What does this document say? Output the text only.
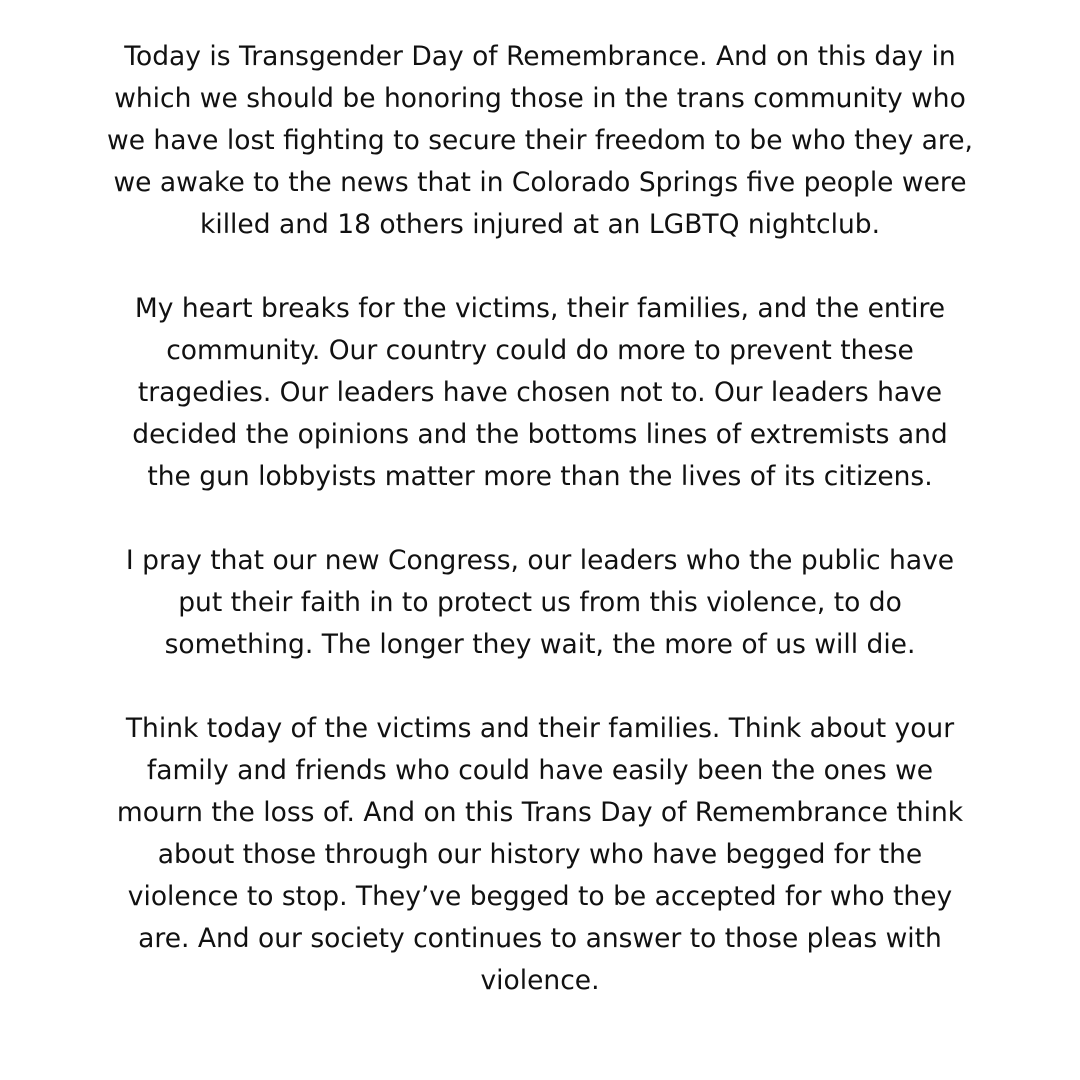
Today is Transgender Day of Remembrance. And on this day in
which we should be honoring those in the trans community who
we have lost fighting to secure their freedom to be who they are,
we awake to the news that in Colorado Springs five people were
killed and 18 others injured at an LGBTQ nightclub.
My heart breaks for the victims, their families, and the entire
community. Our country could do more to prevent these
tragedies. Our leaders have chosen not to. Our leaders have
decided the opinions and the bottoms lines of extremists and
the gun lobbyists matter more than the lives of its citizens.
I pray that our new Congress, our leaders who the public have
put their faith in to protect us from this violence, to do
something. The longer they wait, the more of us will die.
Think today of the victims and their families. Think about your
family and friends who could have easily been the ones we
mourn the loss of. And on this Trans Day of Remembrance think
about those through our history who have begged for the
violence to stop. They’ve begged to be accepted for who they
are. And our society continues to answer to those pleas with
violence.
